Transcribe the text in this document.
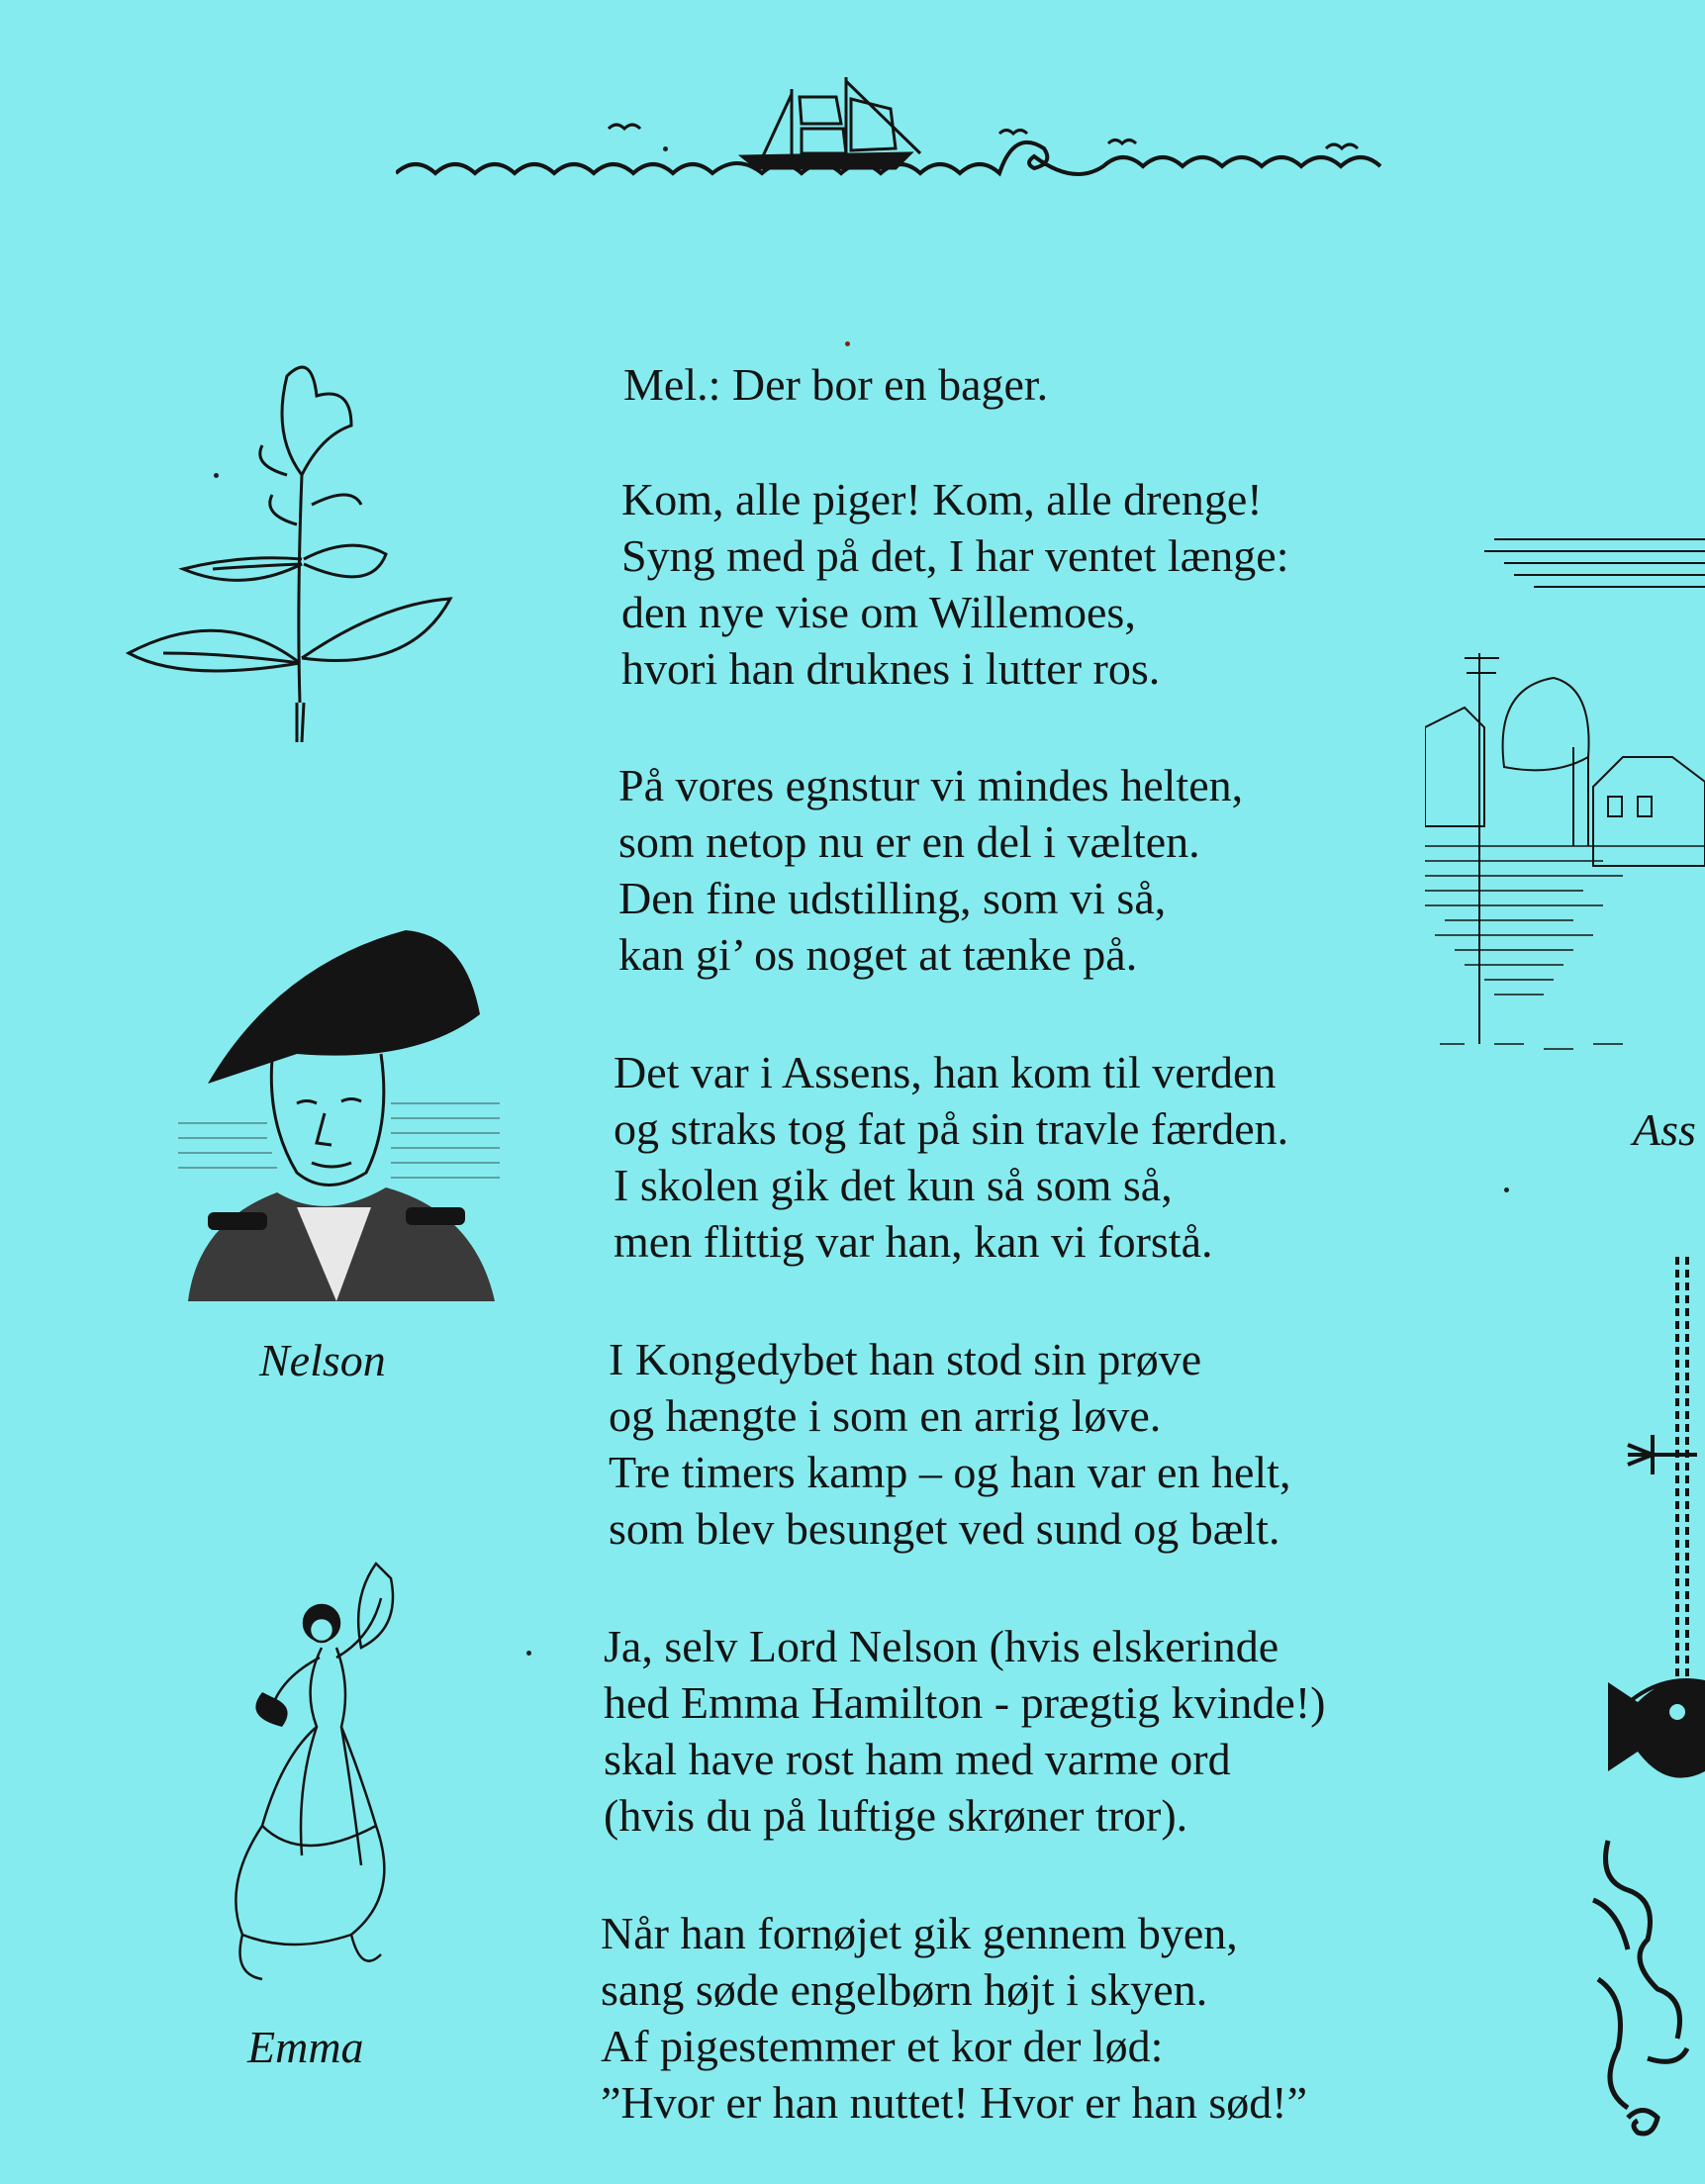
Nelson
Emma
Ass
Mel.: Der bor en bager.
Kom, alle piger! Kom, alle drenge!
Syng med på det, I har ventet længe:
den nye vise om Willemoes,
hvori han druknes i lutter ros.
På vores egnstur vi mindes helten,
som netop nu er en del i vælten.
Den fine udstilling, som vi så,
kan gi’ os noget at tænke på.
Det var i Assens, han kom til verden
og straks tog fat på sin travle færden.
I skolen gik det kun så som så,
men flittig var han, kan vi forstå.
I Kongedybet han stod sin prøve
og hængte i som en arrig løve.
Tre timers kamp – og han var en helt,
som blev besunget ved sund og bælt.
Ja, selv Lord Nelson (hvis elskerinde
hed Emma Hamilton - prægtig kvinde!)
skal have rost ham med varme ord
(hvis du på luftige skrøner tror).
Når han fornøjet gik gennem byen,
sang søde engelbørn højt i skyen.
Af pigestemmer et kor der lød:
”Hvor er han nuttet! Hvor er han sød!”
